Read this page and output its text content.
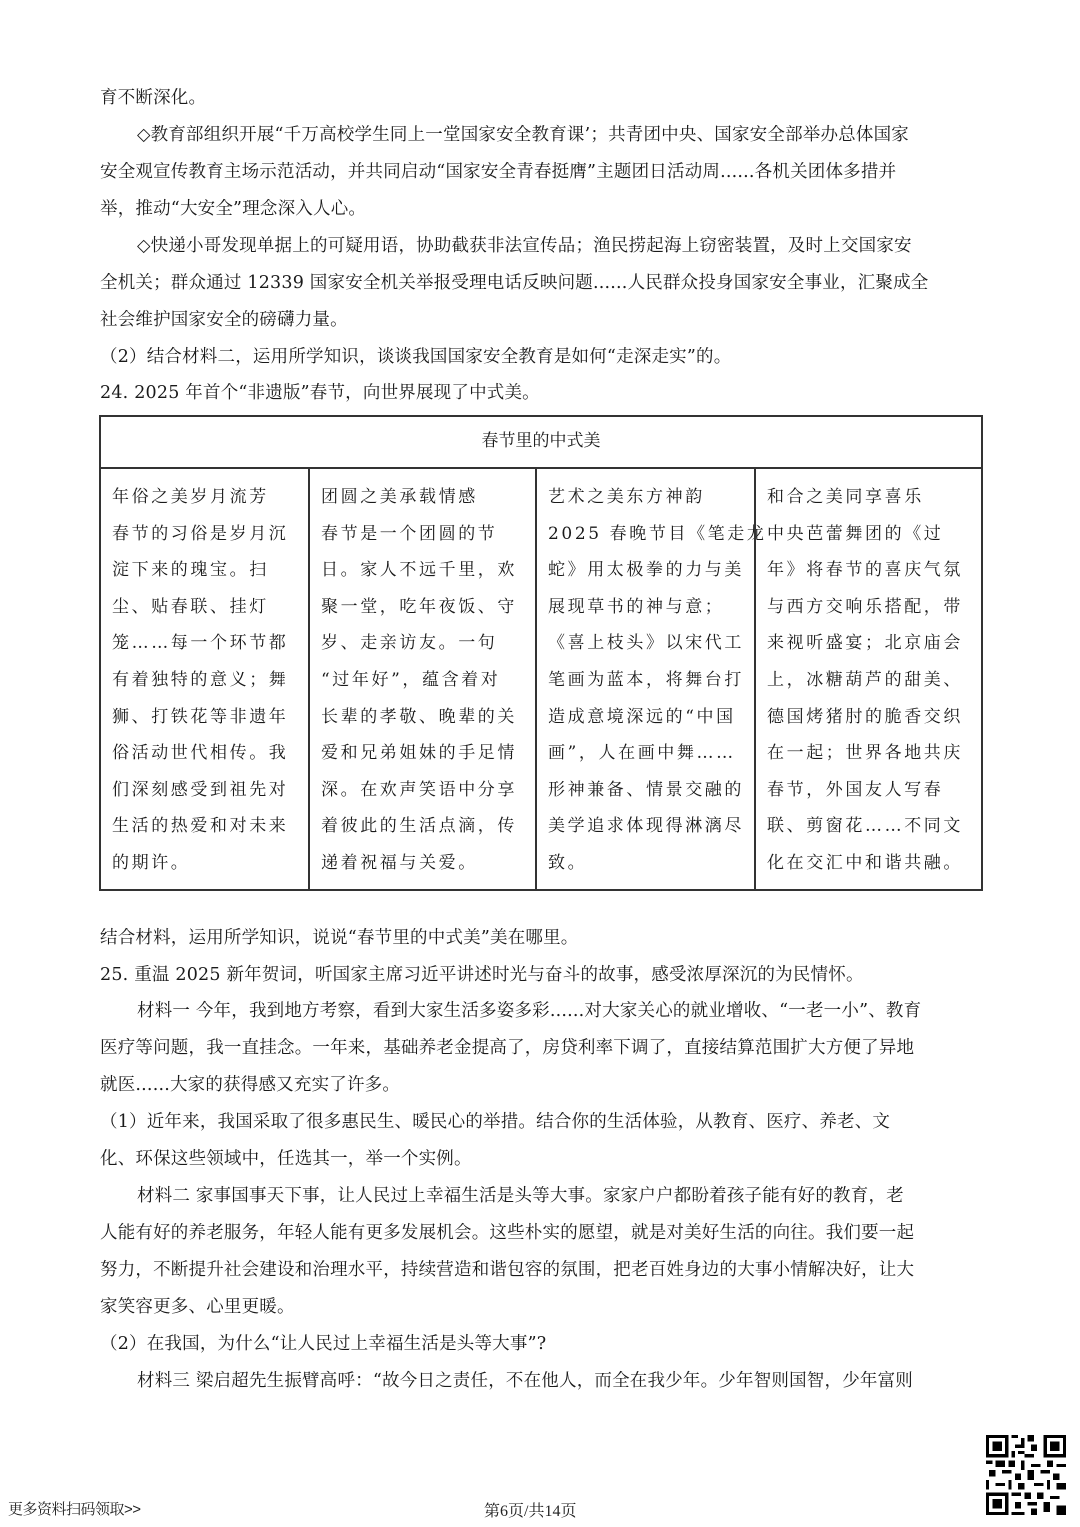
育不断深化。
◇教育部组织开展“千万高校学生同上一堂国家安全教育课’；共青团中央、国家安全部举办总体国家
安全观宣传教育主场示范活动，并共同启动“国家安全青春挺膺”主题团日活动周......各机关团体多措并
举，推动“大安全”理念深入人心。
◇快递小哥发现单据上的可疑用语，协助截获非法宣传品；渔民捞起海上窃密装置，及时上交国家安
全机关；群众通过 12339 国家安全机关举报受理电话反映问题......人民群众投身国家安全事业，汇聚成全
社会维护国家安全的磅礴力量。
（2）结合材料二，运用所学知识，谈谈我国国家安全教育是如何“走深走实”的。
24. 2025 年首个“非遗版”春节，向世界展现了中式美。
春节里的中式美
年俗之美岁月流芳
春节的习俗是岁月沉
淀下来的瑰宝。扫
尘、贴春联、挂灯
笼……每一个环节都
有着独特的意义；舞
狮、打铁花等非遗年
俗活动世代相传。我
们深刻感受到祖先对
生活的热爱和对未来
的期许。
团圆之美承载情感
春节是一个团圆的节
日。家人不远千里，欢
聚一堂，吃年夜饭、守
岁、走亲访友。一句
“过年好”，蕴含着对
长辈的孝敬、晚辈的关
爱和兄弟姐妹的手足情
深。在欢声笑语中分享
着彼此的生活点滴，传
递着祝福与关爱。
艺术之美东方神韵
2025 春晚节目《笔走龙
蛇》用太极拳的力与美
展现草书的神与意；
《喜上枝头》以宋代工
笔画为蓝本，将舞台打
造成意境深远的“中国
画”，人在画中舞……
形神兼备、情景交融的
美学追求体现得淋漓尽
致。
和合之美同享喜乐
中央芭蕾舞团的《过
年》将春节的喜庆气氛
与西方交响乐搭配，带
来视听盛宴；北京庙会
上，冰糖葫芦的甜美、
德国烤猪肘的脆香交织
在一起；世界各地共庆
春节，外国友人写春
联、剪窗花……不同文
化在交汇中和谐共融。
结合材料，运用所学知识，说说“春节里的中式美”美在哪里。
25. 重温 2025 新年贺词，听国家主席习近平讲述时光与奋斗的故事，感受浓厚深沉的为民情怀。
材料一 今年，我到地方考察，看到大家生活多姿多彩......对大家关心的就业增收、“一老一小”、教育
医疗等问题，我一直挂念。一年来，基础养老金提高了，房贷利率下调了，直接结算范围扩大方便了异地
就医......大家的获得感又充实了许多。
（1）近年来，我国采取了很多惠民生、暖民心的举措。结合你的生活体验，从教育、医疗、养老、文
化、环保这些领域中，任选其一，举一个实例。
材料二 家事国事天下事，让人民过上幸福生活是头等大事。家家户户都盼着孩子能有好的教育，老
人能有好的养老服务，年轻人能有更多发展机会。这些朴实的愿望，就是对美好生活的向往。我们要一起
努力，不断提升社会建设和治理水平，持续营造和谐包容的氛围，把老百姓身边的大事小情解决好，让大
家笑容更多、心里更暖。
（2）在我国，为什么“让人民过上幸福生活是头等大事”?
材料三 梁启超先生振臂高呼：“故今日之责任，不在他人，而全在我少年。少年智则国智，少年富则
更多资料扫码领取>>	第6页/共14页
